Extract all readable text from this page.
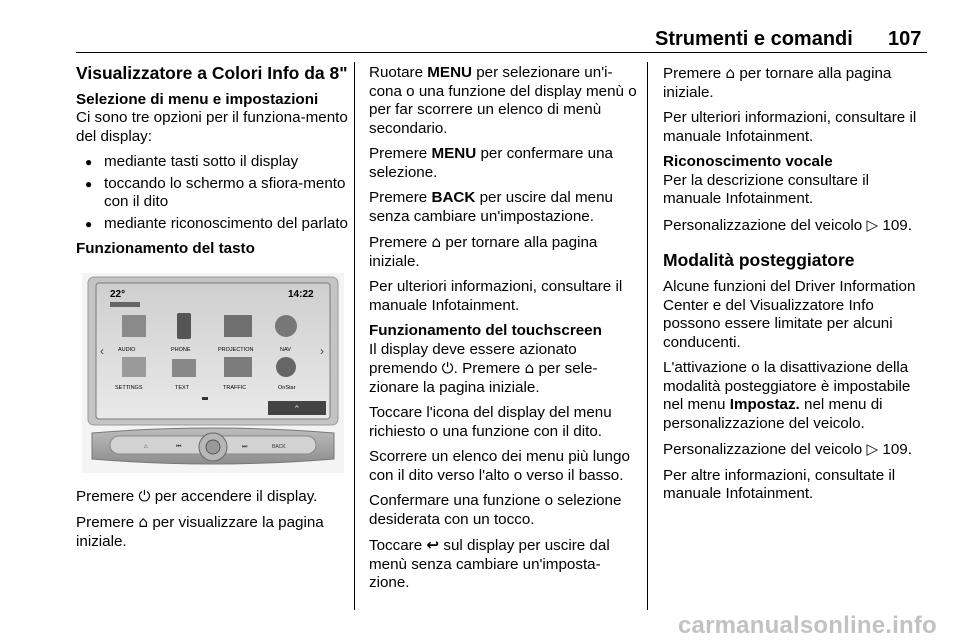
Strumenti e comandi 107
Visualizzatore a Colori Info da 8"

Selezione di menu e impostazioni

Ci sono tre opzioni per il funziona-mento del display:

● mediante tasti sotto il display
● toccando lo schermo a sfiora-mento con il dito
● mediante riconoscimento del parlato

Funzionamento del tasto

22°	14:22
‹	›
AUDIO	PHONE	PROJECTION	NAV
SETTINGS	TEXT	TRAFFIC	OnStar
⌃
⌂	⏮	⏭	BACK

Premere ⏻ per accendere il display.

Premere ⌂ per visualizzare la pagina iniziale.

Ruotare MENU per selezionare un'i-cona o una funzione del display menù o per far scorrere un elenco di menù secondario.

Premere MENU per confermare una selezione.

Premere BACK per uscire dal menu senza cambiare un'impostazione.

Premere ⌂ per tornare alla pagina iniziale.

Per ulteriori informazioni, consultare il manuale Infotainment.

Funzionamento del touchscreen

Il display deve essere azionato premendo ⏻. Premere ⌂ per sele-zionare la pagina iniziale.

Toccare l'icona del display del menu richiesto o una funzione con il dito.

Scorrere un elenco dei menu più lungo con il dito verso l'alto o verso il basso.

Confermare una funzione o selezione desiderata con un tocco.

Toccare ↩ sul display per uscire dal menù senza cambiare un'imposta-zione.

Premere ⌂ per tornare alla pagina iniziale.

Per ulteriori informazioni, consultare il manuale Infotainment.

Riconoscimento vocale

Per la descrizione consultare il manuale Infotainment.

Personalizzazione del veicolo ▷ 109.

Modalità posteggiatore

Alcune funzioni del Driver Information Center e del Visualizzatore Info possono essere limitate per alcuni conducenti.

L'attivazione o la disattivazione della modalità posteggiatore è impostabile nel menu Impostaz. nel menu di personalizzazione del veicolo.

Personalizzazione del veicolo ▷ 109.

Per altre informazioni, consultate il manuale Infotainment.

carmanualsonline.info
